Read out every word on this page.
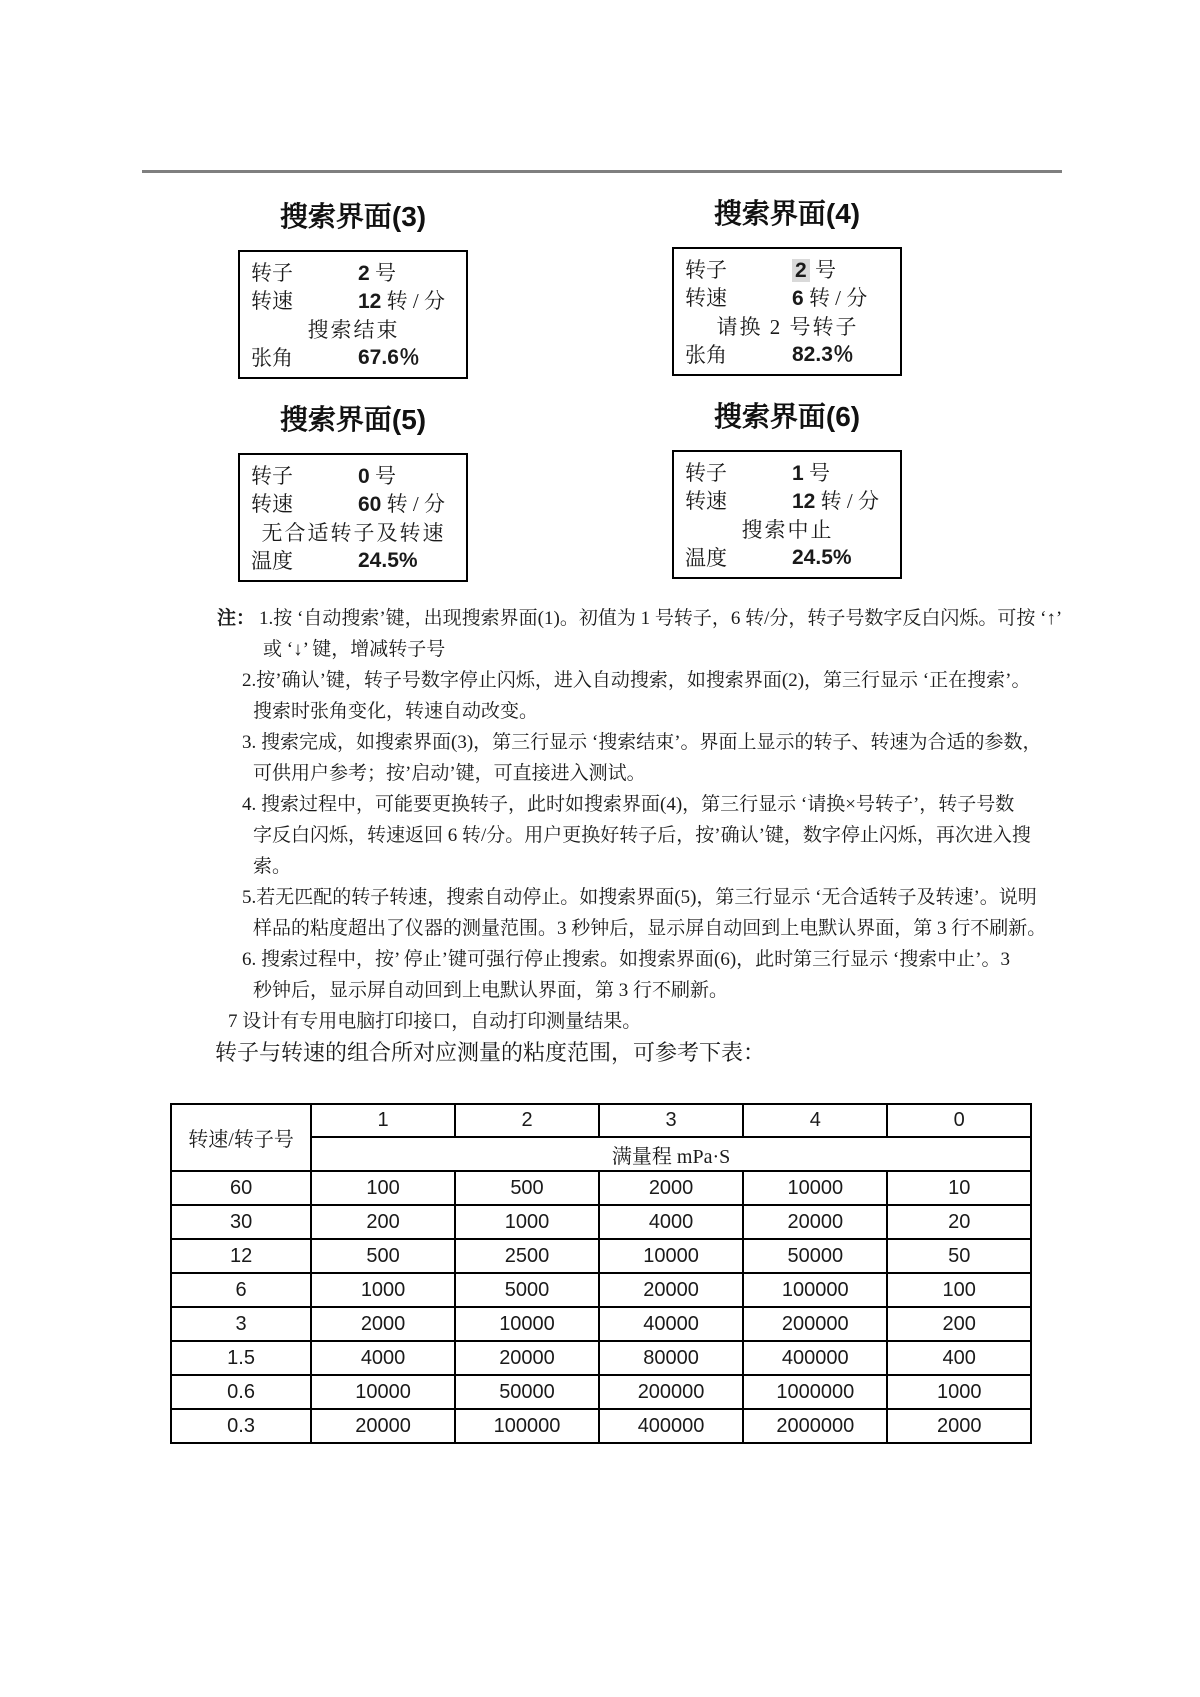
搜索界面(3)
转子	2 号
转速	12 转 / 分
搜索结束
张角	67.6％
搜索界面(4)
转子	2 号
转速	6 转 / 分
请换 2 号转子
张角	82.3％
搜索界面(5)
转子	0 号
转速	60 转 / 分
无合适转子及转速
温度	24.5%
搜索界面(6)
转子	1 号
转速	12 转 / 分
搜索中止
温度	24.5%
注： 1.按 ‘自动搜索’键，出现搜索界面(1)。初值为 1 号转子，6 转/分，转子号数字反白闪烁。可按 ‘↑’
或 ‘↓’ 键，增减转子号
2.按’确认’键，转子号数字停止闪烁，进入自动搜索，如搜索界面(2)，第三行显示 ‘正在搜索’。
搜索时张角变化，转速自动改变。
3. 搜索完成，如搜索界面(3)，第三行显示 ‘搜索结束’。界面上显示的转子、转速为合适的参数，
可供用户参考；按’启动’键，可直接进入测试。
4. 搜索过程中，可能要更换转子，此时如搜索界面(4)，第三行显示 ‘请换×号转子’，转子号数
字反白闪烁，转速返回 6 转/分。用户更换好转子后，按’确认’键，数字停止闪烁，再次进入搜
索。
5.若无匹配的转子转速，搜索自动停止。如搜索界面(5)，第三行显示 ‘无合适转子及转速’。说明
样品的粘度超出了仪器的测量范围。3 秒钟后，显示屏自动回到上电默认界面，第 3 行不刷新。
6. 搜索过程中，按’ 停止’键可强行停止搜索。如搜索界面(6)，此时第三行显示 ‘搜索中止’。3
秒钟后，显示屏自动回到上电默认界面，第 3 行不刷新。
7 设计有专用电脑打印接口，自动打印测量结果。
转子与转速的组合所对应测量的粘度范围，可参考下表：
转速/转子号	1	2	3	4	0
	满量程 mPa·S				
60	100	500	2000	10000	10
30	200	1000	4000	20000	20
12	500	2500	10000	50000	50
6	1000	5000	20000	100000	100
3	2000	10000	40000	200000	200
1.5	4000	20000	80000	400000	400
0.6	10000	50000	200000	1000000	1000
0.3	20000	100000	400000	2000000	2000
